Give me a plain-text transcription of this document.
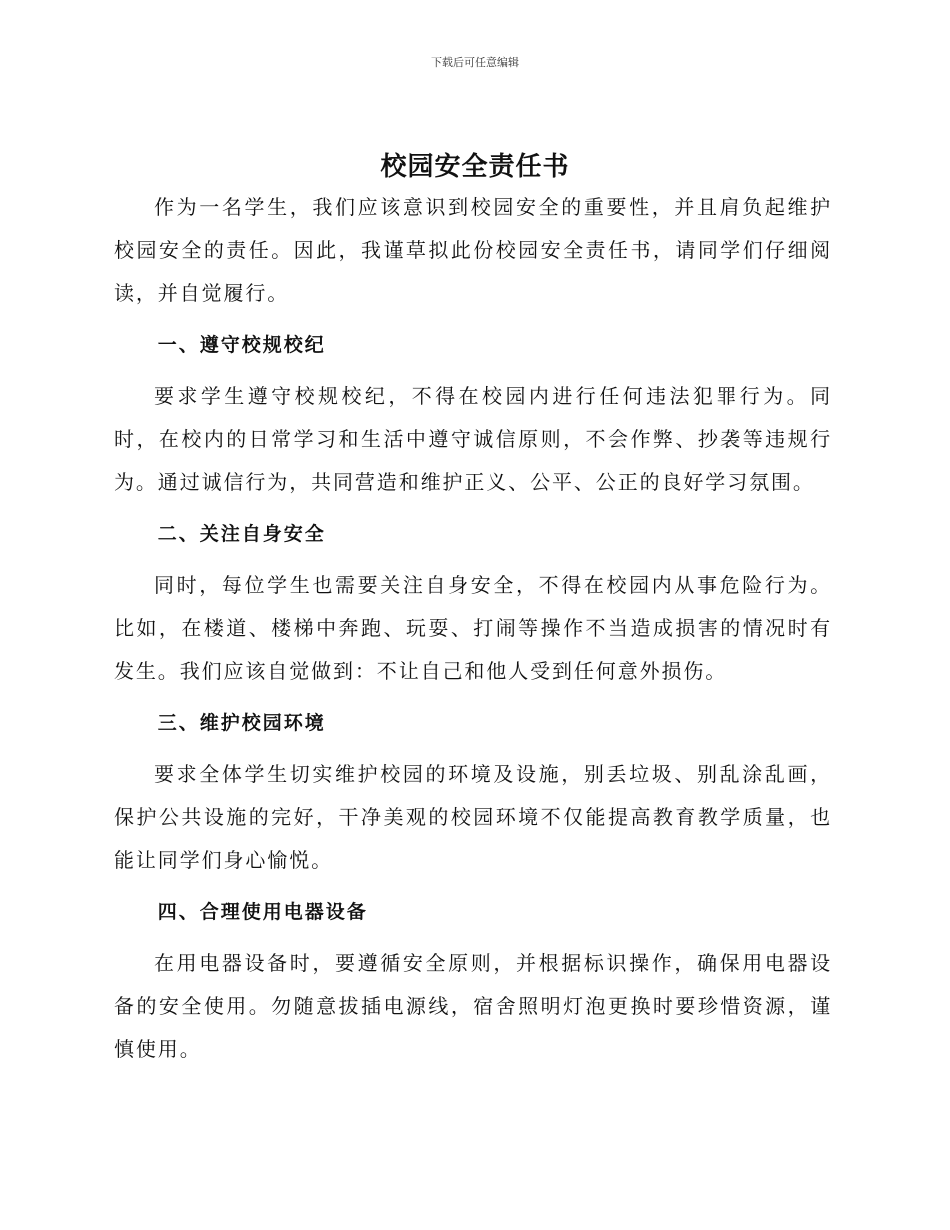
下载后可任意编辑
校园安全责任书

作为一名学生，我们应该意识到校园安全的重要性，并且肩负起维护校园安全的责任。因此，我谨草拟此份校园安全责任书，请同学们仔细阅读，并自觉履行。

一、遵守校规校纪

要求学生遵守校规校纪，不得在校园内进行任何违法犯罪行为。同时，在校内的日常学习和生活中遵守诚信原则，不会作弊、抄袭等违规行为。通过诚信行为，共同营造和维护正义、公平、公正的良好学习氛围。

二、关注自身安全

同时，每位学生也需要关注自身安全，不得在校园内从事危险行为。比如，在楼道、楼梯中奔跑、玩耍、打闹等操作不当造成损害的情况时有发生。我们应该自觉做到：不让自己和他人受到任何意外损伤。

三、维护校园环境

要求全体学生切实维护校园的环境及设施，别丢垃圾、别乱涂乱画，保护公共设施的完好，干净美观的校园环境不仅能提高教育教学质量，也能让同学们身心愉悦。

四、合理使用电器设备

在用电器设备时，要遵循安全原则，并根据标识操作，确保用电器设备的安全使用。勿随意拔插电源线，宿舍照明灯泡更换时要珍惜资源，谨慎使用。
